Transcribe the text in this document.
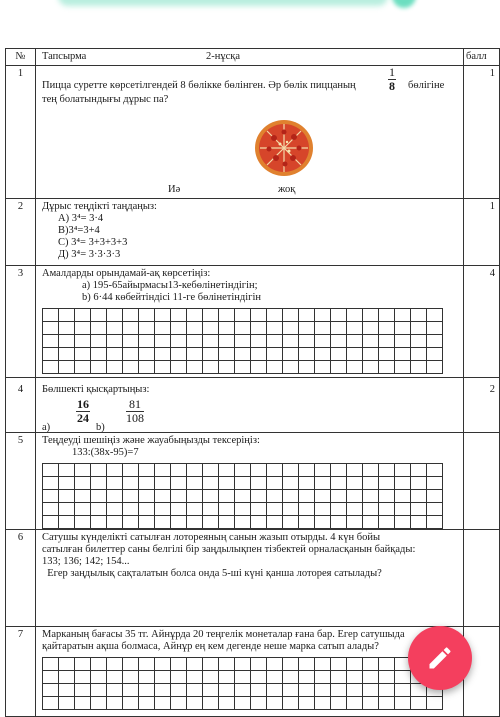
№	Тапсырма	2-нұсқа	балл
1	
Пицца суретте көрсетілгендей 8 бөлікке бөлінген. Әр бөлік пиццаның	$\frac{1}{8}$ бөлігіне
тең болатындығы дұрыс па?
Иә	жоқ
	1
2	Дұрыс теңдікті таңдаңыз:
А) 3⁴= 3·4
В)3⁴=3+4
С) 3⁴= 3+3+3+3
Д) 3⁴= 3·3·3·3
	1
3	Амалдарды орындамай-ақ көрсетіңіз:
а) 195-65айырмасы13-кебөлінетіндігін;
b) 6·44 көбейтіндісі 11-ге бөлінетіндігін

	4
4	Бөлшекті қысқартыңыз:
а)
$\frac{16}{24}$
b)
$\frac{81}{108}$
	2
5	Теңдеуді шешіңіз және жауабыңызды тексеріңіз:
133:(38х-95)=7

6	Сатушы күнделікті сатылған лотореяның санын жазып отырды. 4 күн бойы
сатылған билеттер саны белгілі бір заңдылықпен тізбектей орналасқанын байқады:
133; 136; 142; 154...
Егер заңдылық сақталатын болса онда 5-ші күні қанша лоторея сатылады?

7	Марканың бағасы 35 тг. Айнұрда 20 теңгелік монеталар ғана бар. Егер сатушыда
қайтаратын ақша болмаса, Айнұр ең кем дегенде неше марка сатып алады?
